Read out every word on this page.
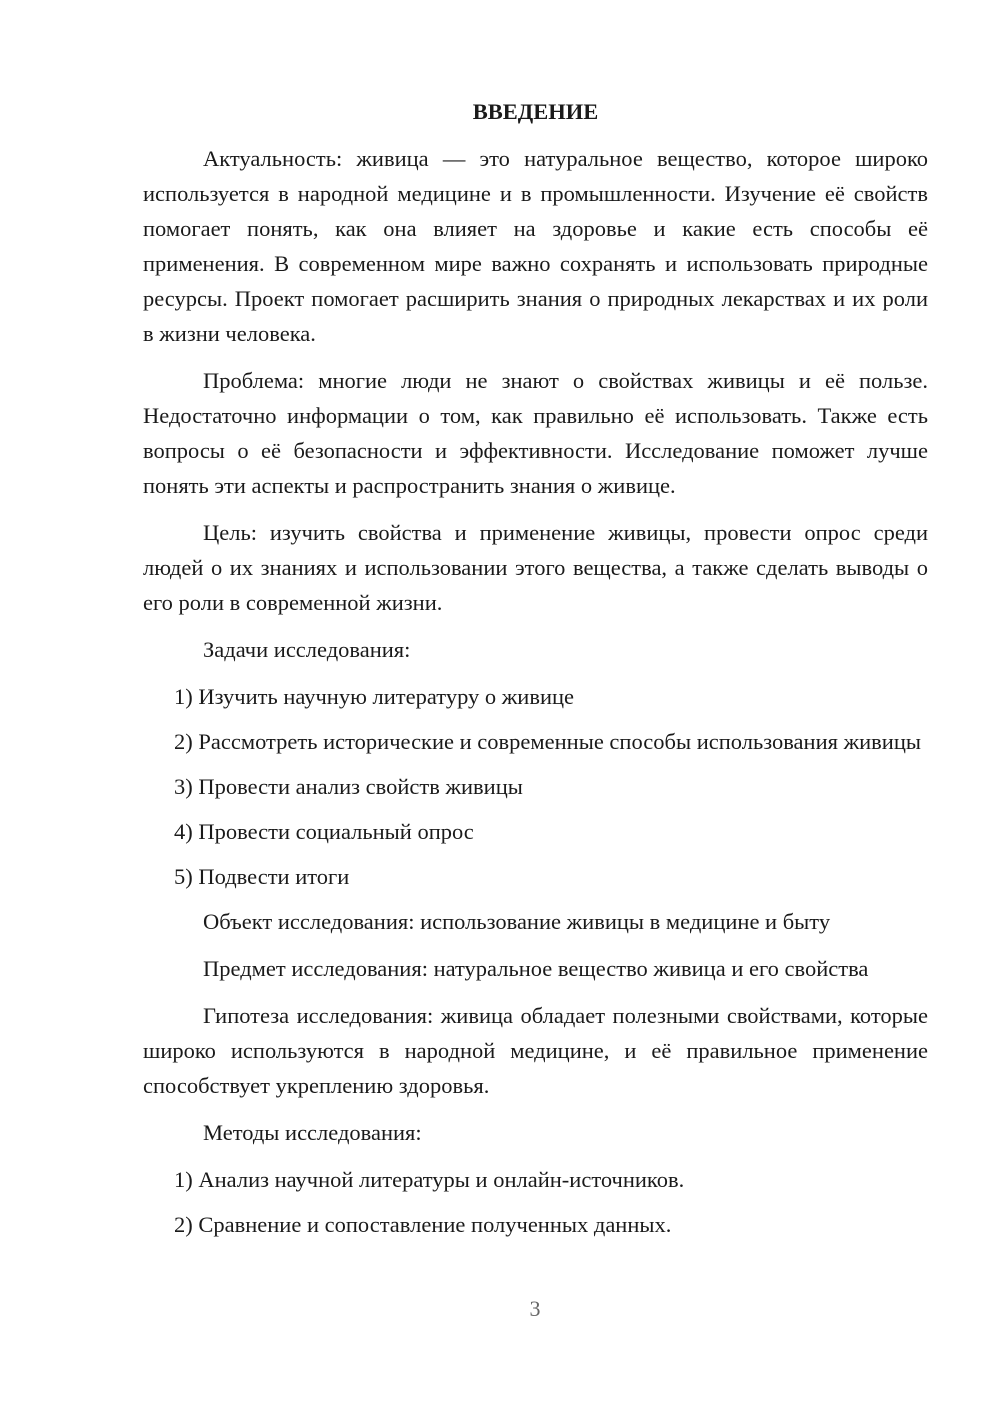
ВВЕДЕНИЕ

Актуальность: живица — это натуральное вещество, которое широко используется в народной медицине и в промышленности. Изучение её свойств помогает понять, как она влияет на здоровье и какие есть способы её применения. В современном мире важно сохранять и использовать природные ресурсы. Проект помогает расширить знания о природных лекарствах и их роли в жизни человека.

Проблема: многие люди не знают о свойствах живицы и её пользе. Недостаточно информации о том, как правильно её использовать. Также есть вопросы о её безопасности и эффективности. Исследование поможет лучше понять эти аспекты и распространить знания о живице.

Цель: изучить свойства и применение живицы, провести опрос среди людей о их знаниях и использовании этого вещества, а также сделать выводы о его роли в современной жизни.

Задачи исследования:

1) Изучить научную литературу о живице

2) Рассмотреть исторические и современные способы использования живицы

3) Провести анализ свойств живицы

4) Провести социальный опрос

5) Подвести итоги

Объект исследования: использование живицы в медицине и быту

Предмет исследования: натуральное вещество живица и его свойства

Гипотеза исследования: живица обладает полезными свойствами, которые широко используются в народной медицине, и её правильное применение способствует укреплению здоровья.

Методы исследования:

1) Анализ научной литературы и онлайн-источников.

2) Сравнение и сопоставление полученных данных.

3
